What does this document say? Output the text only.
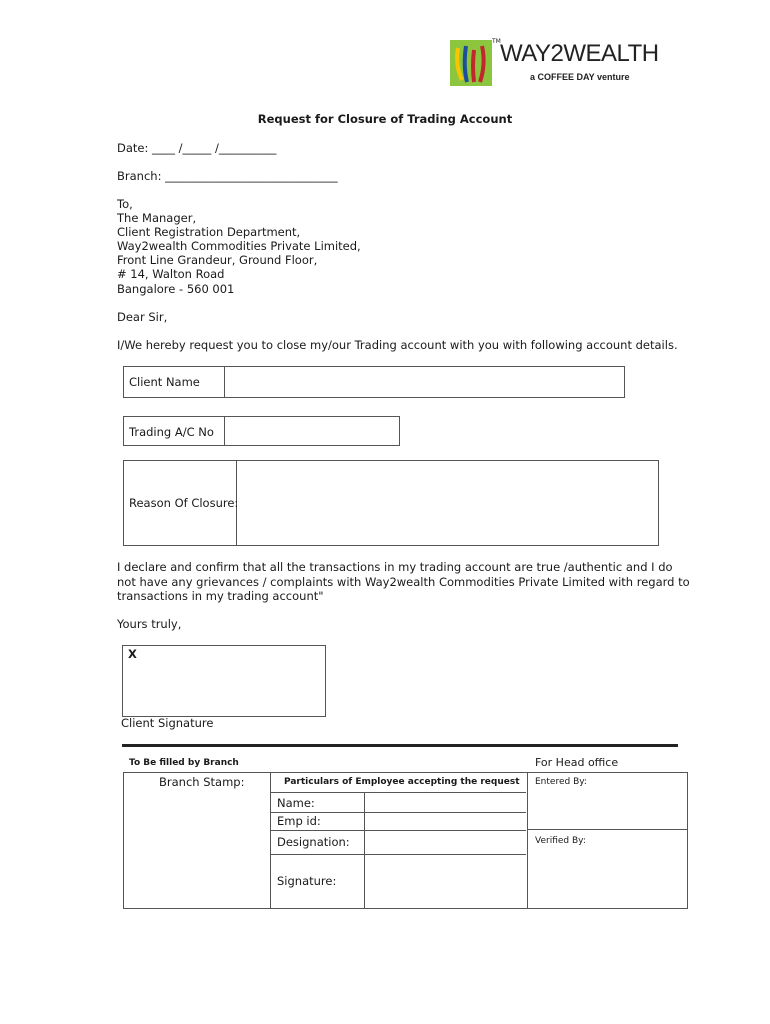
TM WAY2WEALTH
a COFFEE DAY venture
Request for Closure of Trading Account
Date: ____ /_____ /__________
Branch: ______________________________
To,
The Manager,
Client Registration Department,
Way2wealth Commodities Private Limited,
Front Line Grandeur, Ground Floor,
# 14, Walton Road
Bangalore - 560 001
Dear Sir,
I/We hereby request you to close my/our Trading account with you with following account details.
Client Name
Trading A/C No
Reason Of Closure:
I declare and confirm that all the transactions in my trading account are true /authentic and I do
not have any grievances / complaints with Way2wealth Commodities Private Limited with regard to
transactions in my trading account"
Yours truly,
X
Client Signature
To Be filled by Branch	For Head office
Branch Stamp:	Particulars of Employee accepting the request
Name:
Emp id:
Designation:
Signature:
Entered By:
Verified By:
